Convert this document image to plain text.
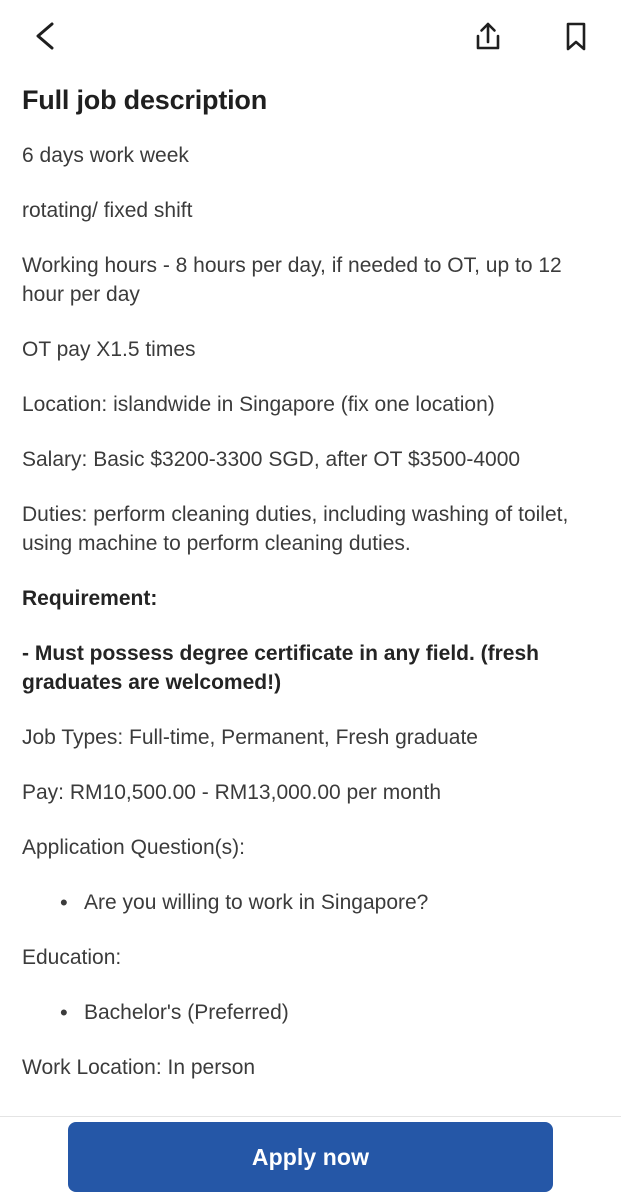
Full job description

6 days work week

rotating/ fixed shift

Working hours - 8 hours per day, if needed to OT, up to 12 hour per day

OT pay X1.5 times

Location: islandwide in Singapore (fix one location)

Salary: Basic $3200-3300 SGD, after OT $3500-4000

Duties: perform cleaning duties, including washing of toilet, using machine to perform cleaning duties.

Requirement:

- Must possess degree certificate in any field. (fresh graduates are welcomed!)

Job Types: Full-time, Permanent, Fresh graduate

Pay: RM10,500.00 - RM13,000.00 per month

Application Question(s):

• Are you willing to work in Singapore?

Education:

• Bachelor's (Preferred)

Work Location: In person

Apply now
